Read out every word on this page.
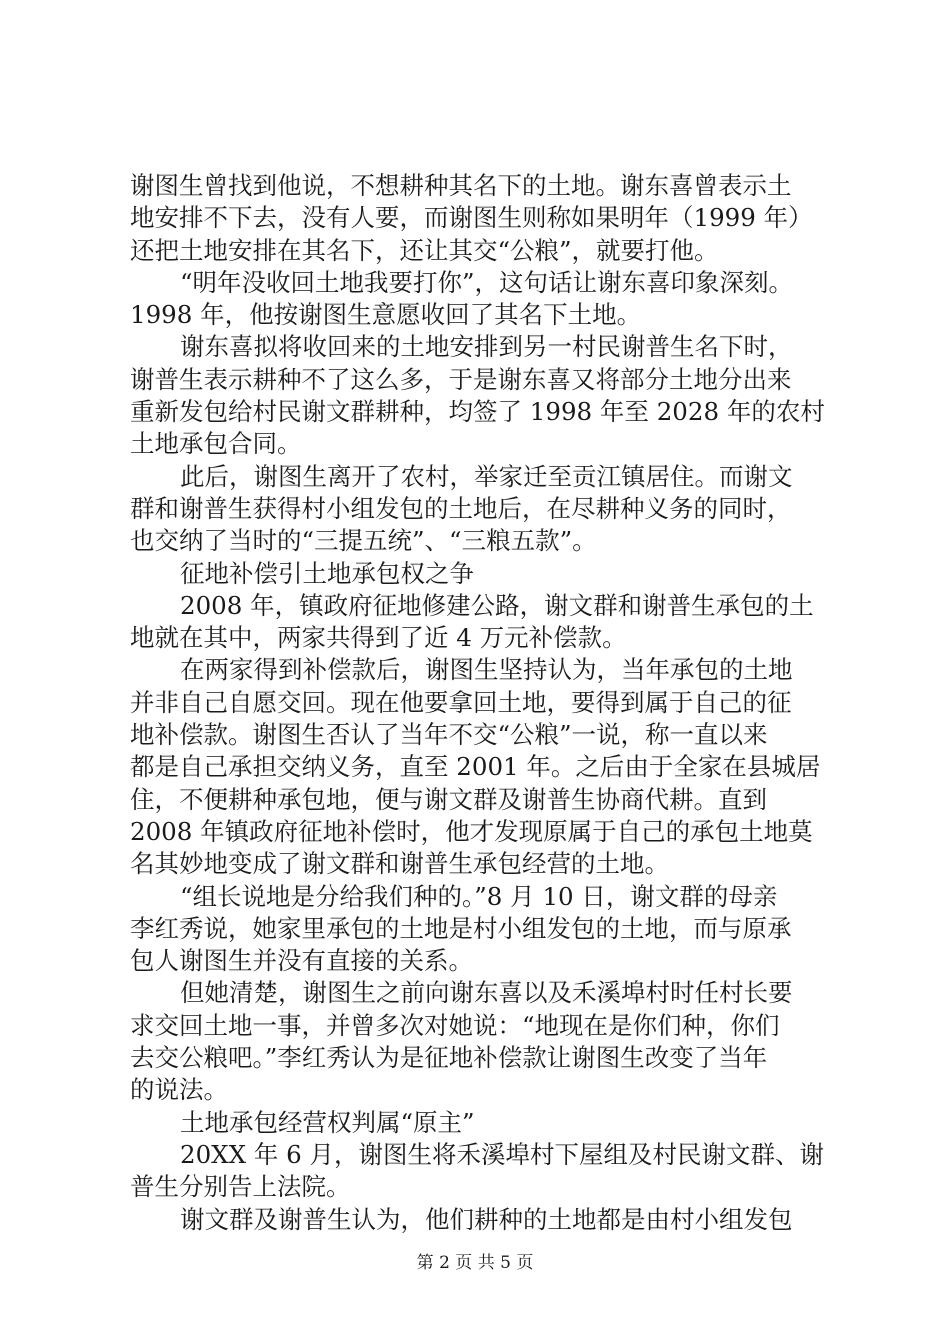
谢图生曾找到他说，不想耕种其名下的土地。谢东喜曾表示土
地安排不下去，没有人要，而谢图生则称如果明年（1999 年）
还把土地安排在其名下，还让其交“公粮”，就要打他。
“明年没收回土地我要打你”，这句话让谢东喜印象深刻。
1998 年，他按谢图生意愿收回了其名下土地。
谢东喜拟将收回来的土地安排到另一村民谢普生名下时，
谢普生表示耕种不了这么多，于是谢东喜又将部分土地分出来
重新发包给村民谢文群耕种，均签了 1998 年至 2028 年的农村
土地承包合同。
此后，谢图生离开了农村，举家迁至贡江镇居住。而谢文
群和谢普生获得村小组发包的土地后，在尽耕种义务的同时，
也交纳了当时的“三提五统”、“三粮五款”。
征地补偿引土地承包权之争
2008 年，镇政府征地修建公路，谢文群和谢普生承包的土
地就在其中，两家共得到了近 4 万元补偿款。
在两家得到补偿款后，谢图生坚持认为，当年承包的土地
并非自己自愿交回。现在他要拿回土地，要得到属于自己的征
地补偿款。谢图生否认了当年不交“公粮”一说，称一直以来
都是自己承担交纳义务，直至 2001 年。之后由于全家在县城居
住，不便耕种承包地，便与谢文群及谢普生协商代耕。直到
2008 年镇政府征地补偿时，他才发现原属于自己的承包土地莫
名其妙地变成了谢文群和谢普生承包经营的土地。
“组长说地是分给我们种的。”8 月 10 日，谢文群的母亲
李红秀说，她家里承包的土地是村小组发包的土地，而与原承
包人谢图生并没有直接的关系。
但她清楚，谢图生之前向谢东喜以及禾溪埠村时任村长要
求交回土地一事，并曾多次对她说：“地现在是你们种，你们
去交公粮吧。”李红秀认为是征地补偿款让谢图生改变了当年
的说法。
土地承包经营权判属“原主”
20XX 年 6 月，谢图生将禾溪埠村下屋组及村民谢文群、谢
普生分别告上法院。
谢文群及谢普生认为，他们耕种的土地都是由村小组发包
第 2 页 共 5 页
